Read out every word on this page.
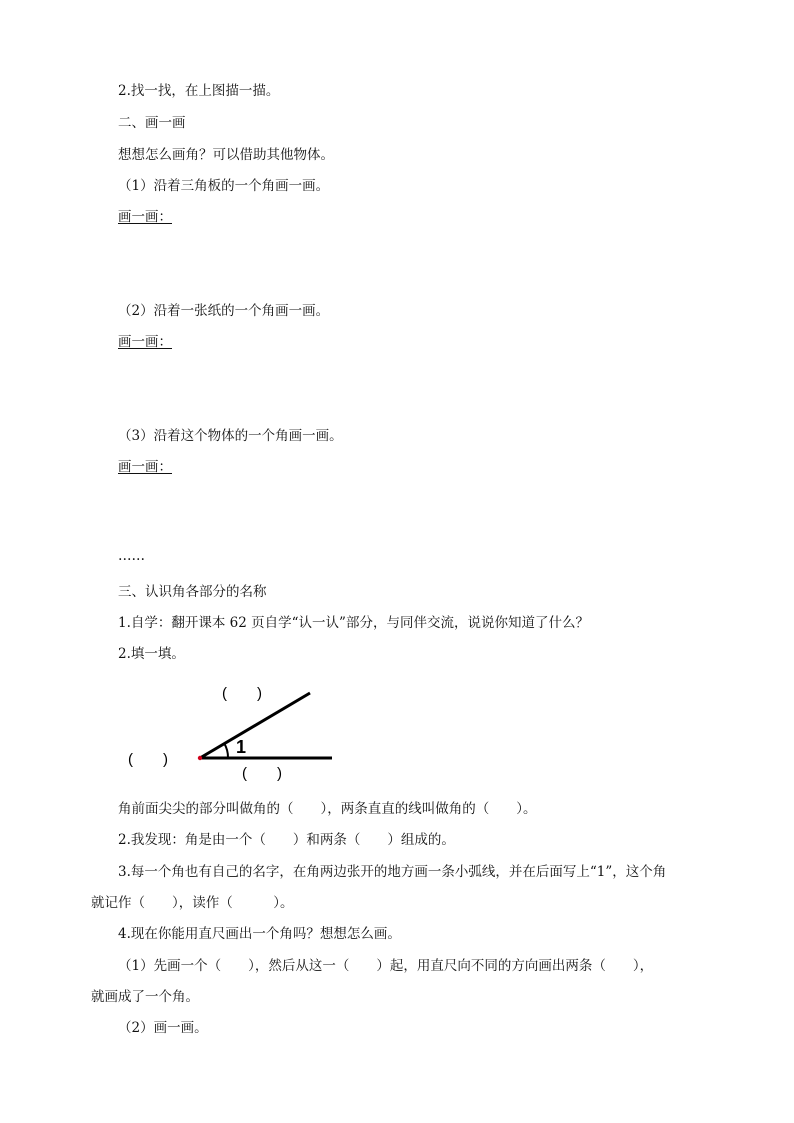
2.找一找，在上图描一描。
二、画一画
想想怎么画角？可以借助其他物体。
（1）沿着三角板的一个角画一画。
画一画：
（2）沿着一张纸的一个角画一画。
画一画：
（3）沿着这个物体的一个角画一画。
画一画：
……
三、认识角各部分的名称
1.自学：翻开课本 62 页自学“认一认”部分，与同伴交流，说说你知道了什么？
2.填一填。
1
(　　)
(　　)
(　　)
角前面尖尖的部分叫做角的（　　），两条直直的线叫做角的（　　）。
2.我发现：角是由一个（　　）和两条（　　）组成的。
3.每一个角也有自己的名字，在角两边张开的地方画一条小弧线，并在后面写上“1”，这个角
就记作（　　），读作（　　　）。
4.现在你能用直尺画出一个角吗？想想怎么画。
（1）先画一个（　　），然后从这一（　　）起，用直尺向不同的方向画出两条（　　），
就画成了一个角。
（2）画一画。
